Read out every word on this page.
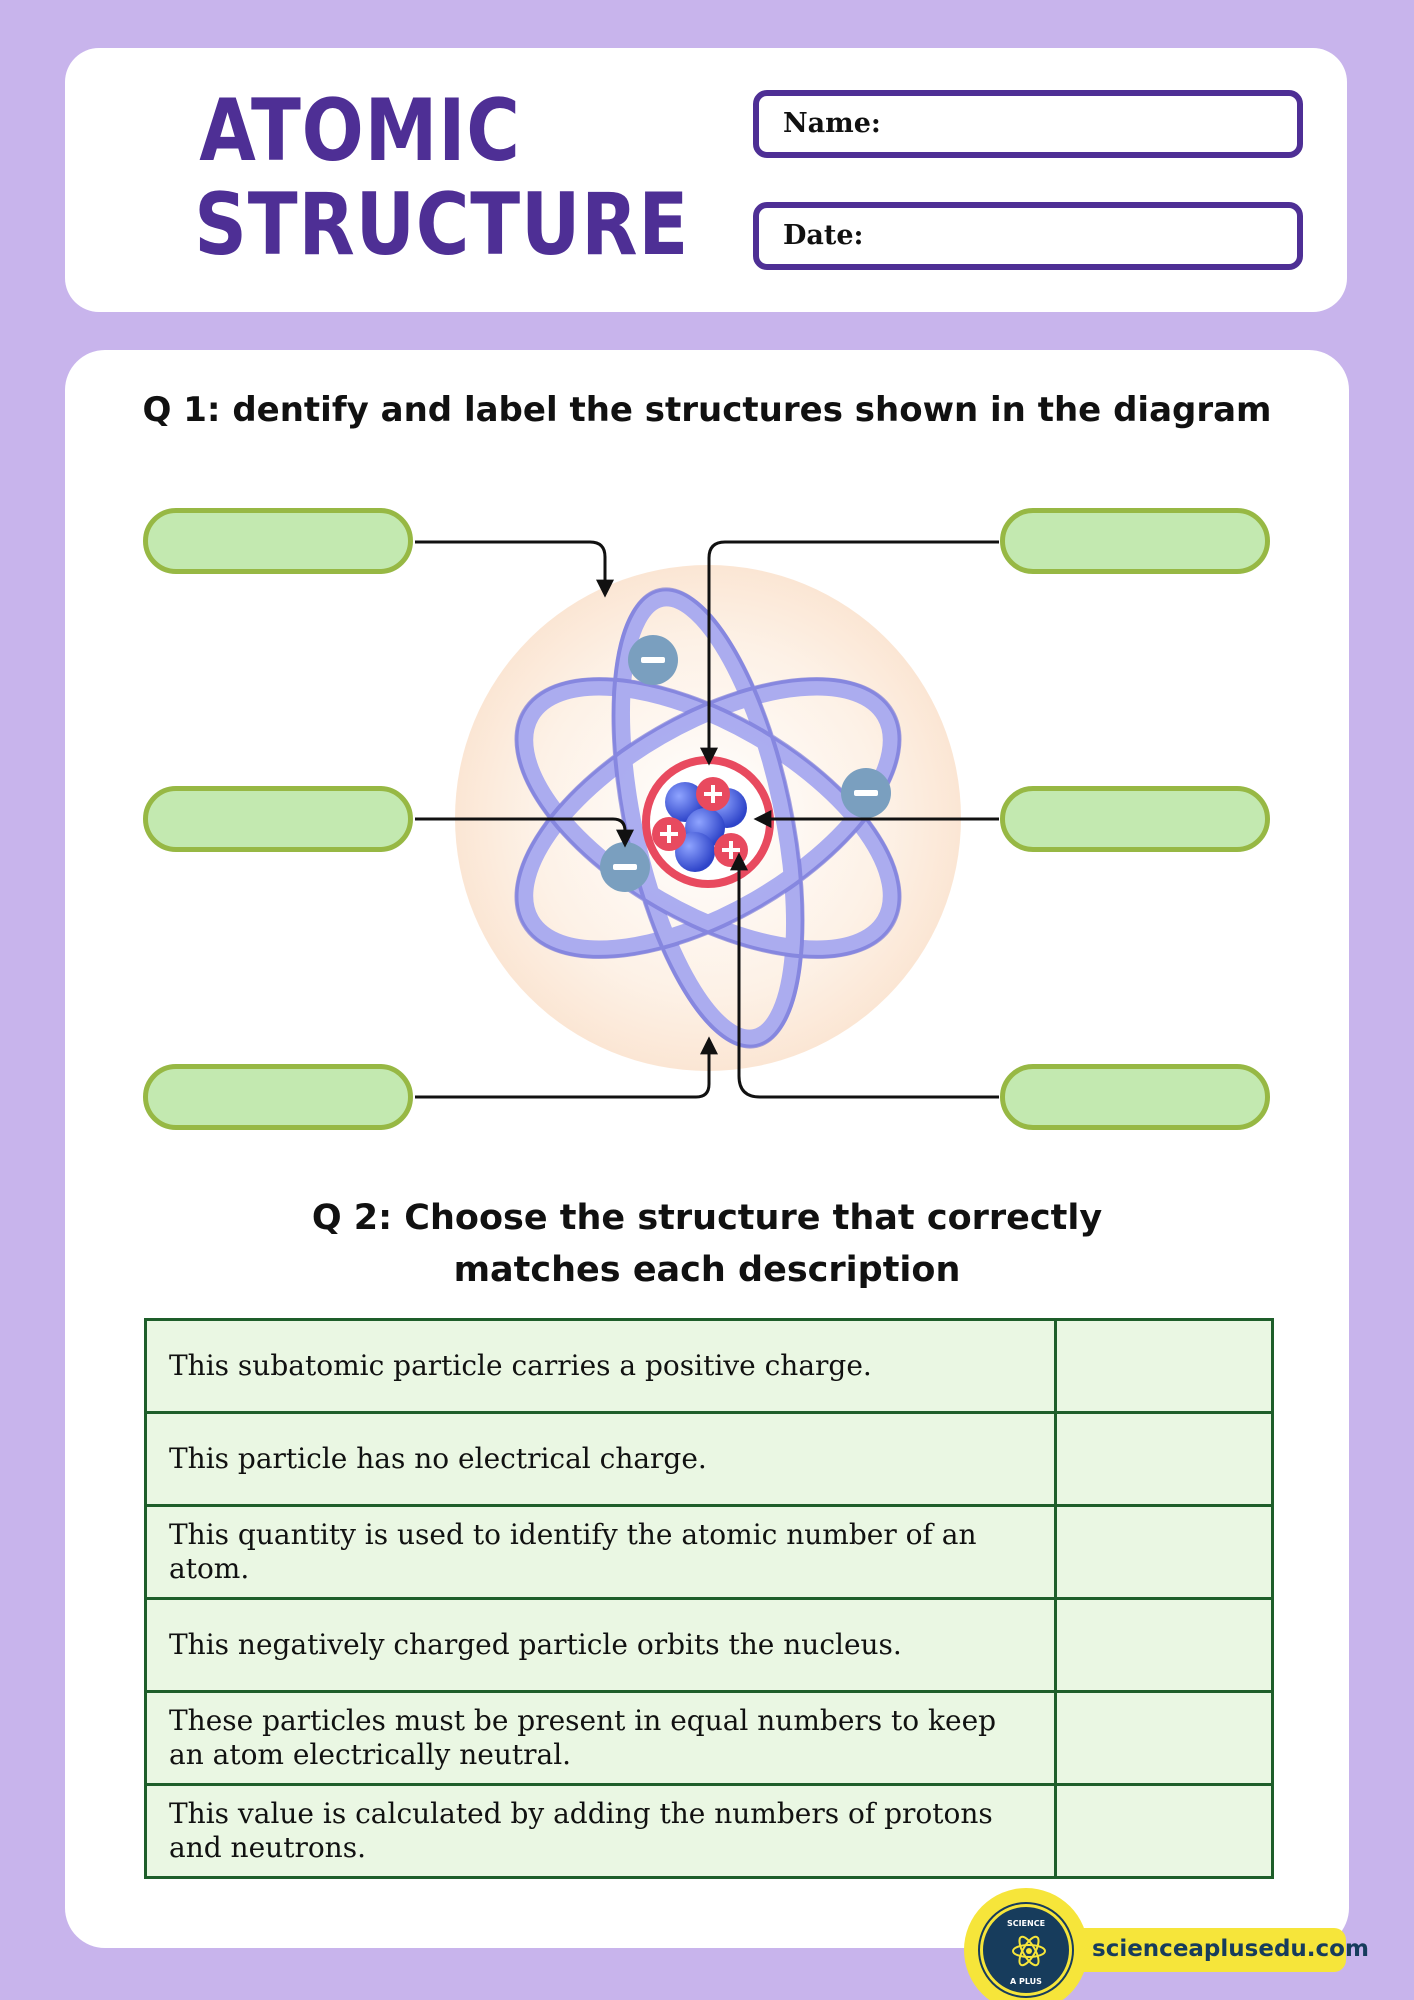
ATOMIC
STRUCTURE
Name:
Date:
Q 1: dentify and label the structures shown in the diagram
Q 2: Choose the structure that correctly matches each description
This subatomic particle carries a positive charge.	
This particle has no electrical charge.	
This quantity is used to identify the atomic number of an atom.	
This negatively charged particle orbits the nucleus.	
These particles must be present in equal numbers to keep an atom electrically neutral.	
This value is calculated by adding the numbers of protons and neutrons.	
scienceaplusedu.com
SCIENCE
A PLUS
